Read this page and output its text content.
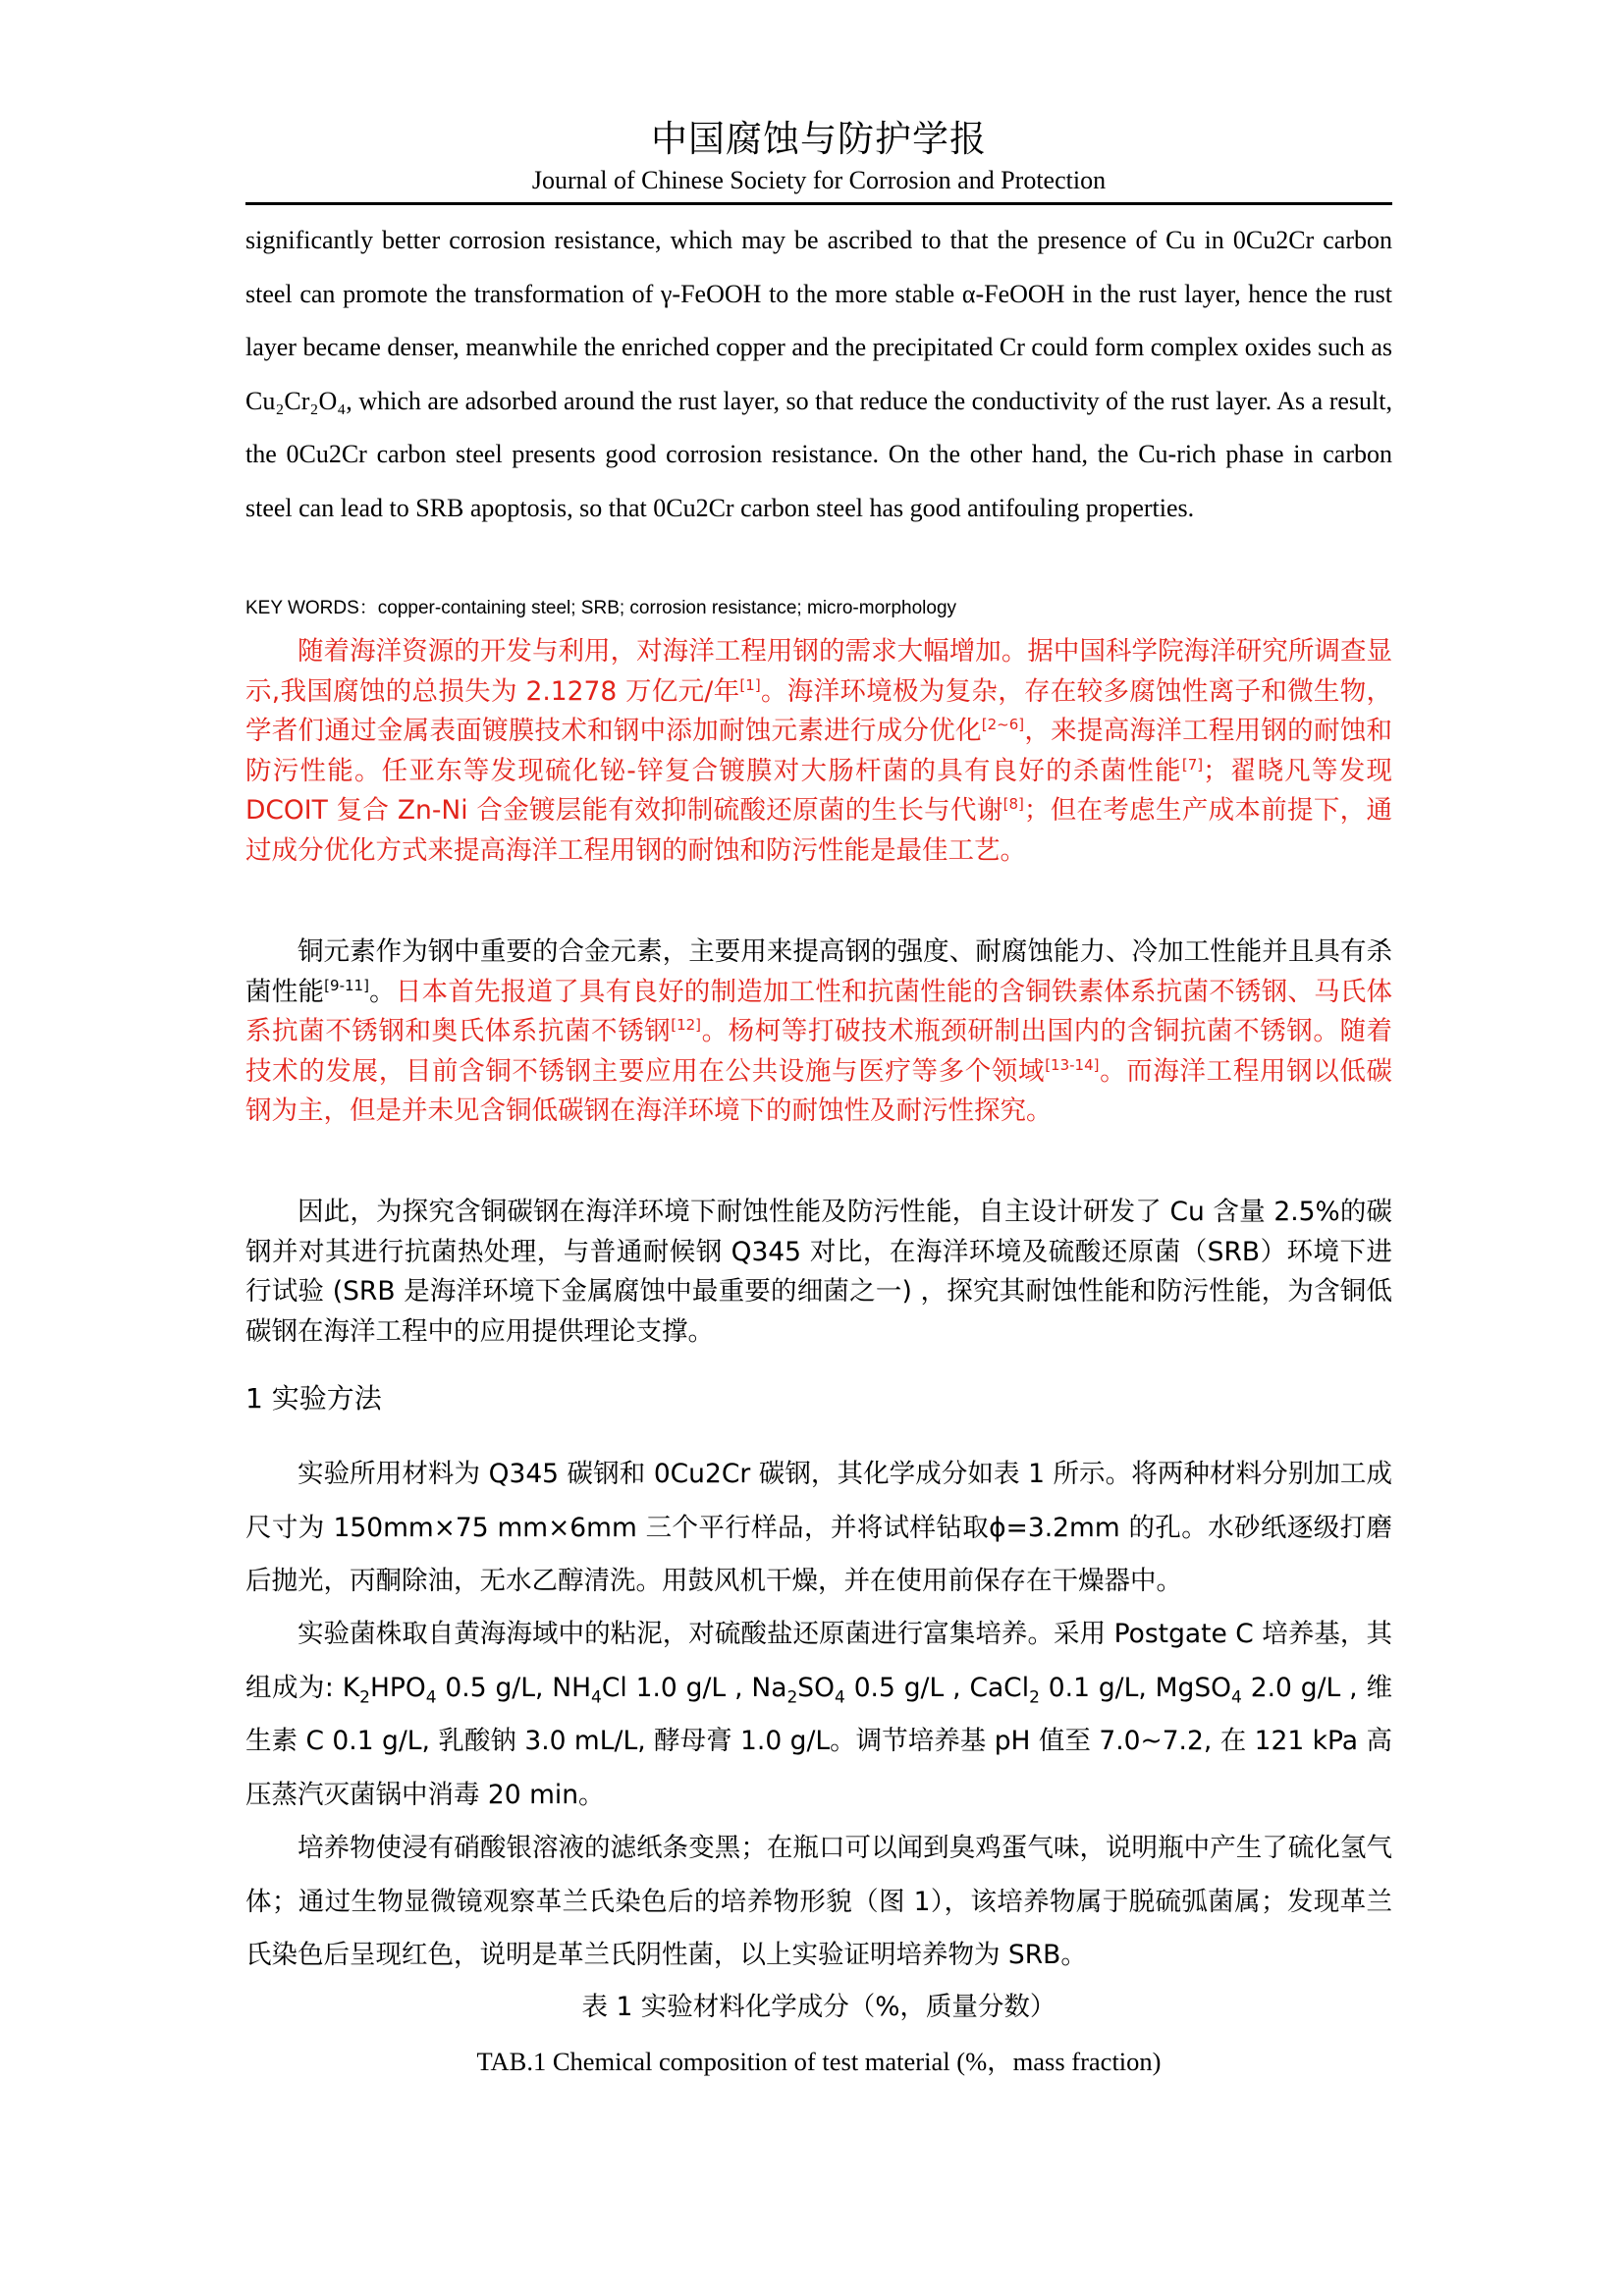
中国腐蚀与防护学报
Journal of Chinese Society for Corrosion and Protection
significantly better corrosion resistance, which may be ascribed to that the presence of Cu in 0Cu2Cr carbon steel can promote the transformation of γ-FeOOH to the more stable α-FeOOH in the rust layer, hence the rust layer became denser, meanwhile the enriched copper and the precipitated Cr could form complex oxides such as Cu₂Cr₂O₄, which are adsorbed around the rust layer, so that reduce the conductivity of the rust layer. As a result, the 0Cu2Cr carbon steel presents good corrosion resistance. On the other hand, the Cu-rich phase in carbon steel can lead to SRB apoptosis, so that 0Cu2Cr carbon steel has good antifouling properties.
KEY WORDS：copper-containing steel; SRB; corrosion resistance; micro-morphology
随着海洋资源的开发与利用，对海洋工程用钢的需求大幅增加。据中国科学院海洋研究所调查显示,我国腐蚀的总损失为 2.1278 万亿元/年[1]。海洋环境极为复杂，存在较多腐蚀性离子和微生物，学者们通过金属表面镀膜技术和钢中添加耐蚀元素进行成分优化[2~6]，来提高海洋工程用钢的耐蚀和防污性能。任亚东等发现硫化铋-锌复合镀膜对大肠杆菌的具有良好的杀菌性能[7]；翟晓凡等发现 DCOIT 复合 Zn-Ni 合金镀层能有效抑制硫酸还原菌的生长与代谢[8]；但在考虑生产成本前提下，通过成分优化方式来提高海洋工程用钢的耐蚀和防污性能是最佳工艺。
铜元素作为钢中重要的合金元素，主要用来提高钢的强度、耐腐蚀能力、冷加工性能并且具有杀菌性能[9-11]。日本首先报道了具有良好的制造加工性和抗菌性能的含铜铁素体系抗菌不锈钢、马氏体系抗菌不锈钢和奥氏体系抗菌不锈钢[12]。杨柯等打破技术瓶颈研制出国内的含铜抗菌不锈钢。随着技术的发展，目前含铜不锈钢主要应用在公共设施与医疗等多个领域[13-14]。而海洋工程用钢以低碳钢为主，但是并未见含铜低碳钢在海洋环境下的耐蚀性及耐污性探究。
因此，为探究含铜碳钢在海洋环境下耐蚀性能及防污性能，自主设计研发了 Cu 含量 2.5%的碳钢并对其进行抗菌热处理，与普通耐候钢 Q345 对比，在海洋环境及硫酸还原菌（SRB）环境下进行试验 (SRB 是海洋环境下金属腐蚀中最重要的细菌之一) ，探究其耐蚀性能和防污性能，为含铜低碳钢在海洋工程中的应用提供理论支撑。
1 实验方法
实验所用材料为 Q345 碳钢和 0Cu2Cr 碳钢，其化学成分如表 1 所示。将两种材料分别加工成尺寸为 150mm×75 mm×6mm 三个平行样品，并将试样钻取ϕ=3.2mm 的孔。水砂纸逐级打磨后抛光，丙酮除油，无水乙醇清洗。用鼓风机干燥，并在使用前保存在干燥器中。
实验菌株取自黄海海域中的粘泥，对硫酸盐还原菌进行富集培养。采用 Postgate C 培养基，其组成为: $K_2HPO_4$ 0.5 g/L, $NH_4Cl$ 1.0 g/L , $Na_2SO_4$ 0.5 g/L , CaCl$_2$ 0.1 g/L, MgSO$_4$ 2.0 g/L , 维生素 C 0.1 g/L, 乳酸钠 3.0 mL/L, 酵母膏 1.0 g/L。调节培养基 pH 值至 7.0~7.2, 在 121 kPa 高压蒸汽灭菌锅中消毒 20 min。
培养物使浸有硝酸银溶液的滤纸条变黑；在瓶口可以闻到臭鸡蛋气味，说明瓶中产生了硫化氢气体；通过生物显微镜观察革兰氏染色后的培养物形貌（图 1），该培养物属于脱硫弧菌属；发现革兰氏染色后呈现红色，说明是革兰氏阴性菌，以上实验证明培养物为 SRB。
表 1 实验材料化学成分（%，质量分数）
TAB.1 Chemical composition of test material (%，mass fraction)
